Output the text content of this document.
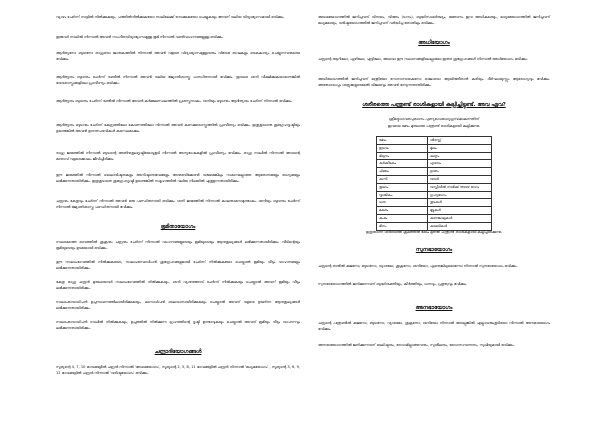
വ്യാഴം ചേർന്ന് നാളില്‍ നിൽക്കുകയും, പത്തിൽനിൽക്കുകയോ നാലിലേക്ക് നോക്കുകയോ ചെയ്യുകയും അവന് വലിയ വിദ്യാഭ്യാസമായി ഭവിക്കും.

ഇരുവർ നാലില്‍ നിന്നാല്‍ അവന്‍ സംഗീതവിദ്യാഭ്യാസമുള്ള ഭൂമി നിന്നാല്‍ വണ്ടിവാഹനങ്ങളുള്ള ഭവിക്കും.

ആദിത്യനോ ബുധനോ രാഹുവോ ജാതകത്തില്‍ നിന്നാല്‍ അവന്‍ വളരെ വിദ്യാഭ്യാസമുള്ളവനും വിദേശ ഭാഷകളും കൈകാര്യം ചെയ്യുന്നവനുമായ ഭവിക്കും.

ആദിത്യനും ബുധനും ചേർന്ന് രണ്ടില്‍ നിന്നാല്‍ അവന്‍ വലിയ ജ്യോതിശാസ്ത്ര പണ്ഡിതനായി ഭവിക്കും. ഇവരെ ശനി വീക്ഷിക്കുകയാണെങ്കില്‍ വേദശാസ്ത്രങ്ങളിലെ പ്രാവീണ്യം ഭവിക്കും.

ആദിത്യനും ബുധനും ചേർന്ന് രണ്ടില്‍ നിന്നാല്‍ അവന്‍ കർമ്മമണ്ഡലത്തില്‍ പ്രശസ്തനാകും. ശനിയും ബുധനും ആദിത്യനും ചേർന്ന് നിന്നാല്‍ ഭവിക്കും.

ആദിത്യനും ബുധനും ചേർന്ന് കേന്ദ്രത്തിലോ കോണത്തിലോ നിന്നാല്‍ അവന്‍ കണക്കുശാസ്ത്രത്തില്‍ പ്രാവീണ്യം ഭവിക്കും. ഇതുകൂടാതെ ശുഭഗ്രഹദൃഷ്ടിയും ഉണ്ടെങ്കില്‍ അവന്‍ ഉന്നതപദവികള്‍ കരസ്ഥമാക്കും.

രാഹു ജന്മത്തില്‍ നിന്നാല്‍ ബുധന്റെ അതിനുകൂലദൃഷ്ടിയോടുകൂടി നിന്നാല്‍ അന്യഭാഷകളില്‍ പ്രാവീണ്യം ഭവിക്കും. രാഹു നാലില്‍ നിന്നാല്‍ അവന്റെ മാതാവ് വളരെക്കാലം ജീവിച്ചിരിക്കും.

ഈ ജന്മത്തില്‍ നിന്നാല്‍ ബാലാരിഷ്ടതകളും അനിഷ്ടാനുഭവങ്ങളും അനുഭവിക്കേണ്ടി വരുമെങ്കിലും സമാനമല്ലാത്ത ആഭരണങ്ങളും ഭാഗ്യങ്ങളും ലഭിക്കുന്നതായിരിക്കും. ഇതുകൂടാതെ ശുഭഗ്രഹദൃഷ്ടി ഉണ്ടെങ്കില്‍ സമൂഹത്തില്‍ വലിയ നിലയില്‍ എത്തുന്നതായിരിക്കും.

ചന്ദ്രനും കേതുവും ചേർന്ന് നിന്നാല്‍ അവന്‍ ഒരു പണ്ഡിതനായി ഭവിക്കും. ശനി ജന്മത്തില്‍ നിന്നാല്‍ കാലതാമസമുണ്ടാകും. ശനിയും ബുധനും ചേർന്ന് നിന്നാല്‍ ജ്യോതിശാസ്ത്ര പണ്ഡിതനായി ഭവിക്കും.

ഭ്രമിതായോഗം

നാലാമത്തെ ഭാവത്തില്‍ ശുക്രനും ചന്ദ്രനും ചേർന്ന് നിന്നാല്‍ വാഹനങ്ങളുടെയും ഭൂമിയുടെയും ആനുകൂല്യങ്ങള്‍ ലഭിക്കുന്നതായിരിക്കും. വീടിന്റെയും ഭൂമിയുടെയും ഉടമയായി ഭവിക്കും.

ഈ നാലാംഭാവത്തില്‍ നിൽക്കുകയോ, നാലാംഭാവാധിപന്‍ ശുഭഗ്രഹങ്ങളുമായി ചേർന്ന് നിൽക്കുകയോ ചെയ്താല്‍ ഭൂമിയും വീടും വാഹനങ്ങളും ലഭിക്കുന്നതായിരിക്കും.

കേതു രാഹു ചന്ദ്രന്‍ മുതലായവര്‍ നാലാംഭാവത്തില്‍ നിൽക്കുകയും, ശനി വ്യാഴത്തോട് ചേർന്ന് നിൽക്കുകയും ചെയ്താല്‍ അവന് ഭൂമിയും വീടും ലഭിക്കുന്നതായിരിക്കും.

നാലാംഭാവാധിപന്‍ ഉച്ചസ്ഥാനത്തിലായിരിക്കുകയും, ലഗ്നാധിപന്‍ ബലവാനായിരിക്കുകയും ചെയ്താല്‍ അവന് വളരെ ഉയർന്ന ആനുകൂല്യങ്ങള്‍ ലഭിക്കുന്നതായിരിക്കും.

നാലാംഭാവാധിപന്‍ നാലില്‍ നിൽക്കുകയും, ഉച്ചത്തില്‍ നിൽക്കുന്ന ഗ്രഹത്തിന്റെ ദൃഷ്ടി ഉണ്ടാവുകയും ചെയ്താല്‍ അവന് ഭൂമിയും വീടും വാഹനവും ലഭിക്കുന്നതായിരിക്കും.

ചന്ദ്രാദിയോഗങ്ങൾ

സൂര്യന്റെ 4, 7, 10 ഭാവങ്ങളില്‍ ചന്ദ്രന്‍ നിന്നാല്‍ 'അധമയോഗം', സൂര്യന്റെ 2, 5, 8, 11 ഭാവങ്ങളില്‍ ചന്ദ്രന്‍ നിന്നാല്‍ 'മധ്യമയോഗം' , സൂര്യന്റെ 3, 6, 9, 12 ഭാവങ്ങളില്‍ ചന്ദ്രന്‍ നിന്നാല്‍ 'വരിഷ്ഠയോഗം' ഭവിക്കും.

അധമയോഗത്തില്‍ ജനിച്ചവന് വിനയം, വിത്തം (ധനം), ബുദ്ധിസാമർത്ഥ്യം, ജ്ഞാനം ഇവ അധികമായും, മധ്യമയോഗത്തില്‍ ജനിച്ചവന് മധ്യമമായും, വരിഷ്ഠയോഗത്തില്‍ ജനിച്ചവന് വർദ്ധിച്ച തോതിലും ഭവിക്കും.

അധിയോഗം

ചന്ദ്രന്റെ ആറിലോ, ഏഴിലോ, എട്ടിലോ, അഥവാ ഈ സ്ഥാനങ്ങളിലെല്ലാമോ ഇതര ശുഭഗ്രഹങ്ങള്‍ നിന്നാല്‍ അധിയോഗം ഭവിക്കും.

അധിയോഗത്തില്‍ ജനിച്ചവന് മന്ത്രിയോ സേനാനായകനോ രാജാവോ ആയിത്തീരാന്‍ കഴിയും. ദീർഘായുസ്സും ആരോഗ്യവും ഭവിക്കും. അതോടൊപ്പം ശത്രുക്കളുടെമേല്‍ വിജയവും അവന്‍ നേടുന്നതായിരിക്കും.

ശരീരത്തെ പന്ത്രണ്ട് രാശികളായി കല്പിച്ചിട്ടുണ്ട്. അവ ഏവ?
ശ്രീമദ്ഭാഗവതപുരാണം പുണ്യഗോഭാഗ്യഗ്രന്ഥമാകുന്നതിന്
ഇവയെ മേടം മുതലായ പന്ത്രണ്ട് രാശികളായി കല്പിക്കുന്നു.
മേടം	ശിരസ്സ്
ഇടവം	മുഖം
മിഥുനം	കണ്ഠം
കർക്കിടകം	ഹൃദയം
ചിങ്ങം	ഉദരം
കന്നി	വയർ
തുലാം	വസ്തിയിൽ നാഭിക്ക് താഴെ ഭാഗം
വൃശ്ചികം	ഗുഹ്യഭാഗം
ധനു	തുടകള്‍
മകരം	മുട്ടുകള്‍
കുംഭം	കണങ്കാലുകള്‍
മീനം	കാലടികള്‍

ഇതുതന്നെ ശരീരത്തെ ക്രമത്തില്‍ മേടം മുതല്‍ പന്ത്രണ്ട് രാശികളായി കല്പിച്ചിരിക്കുന്നു.

സുനഭായോഗം

ചന്ദ്രന്റെ രണ്ടില്‍ കുജനോ, ബുധനോ, വ്യാഴമോ, ശുക്രനോ, ശനിയോ, ഏതെങ്കിലുമൊന്നോ നിന്നാല്‍ സുനഭായോഗം ഭവിക്കും.

സുനഭായോഗത്തില്‍ ജനിക്കുന്നവന് ബുദ്ധിശക്തിയും, കീർത്തിയും, ധനവും, പ്രഭുത്വവും ഭവിക്കും.

അനഭായോഗം

ചന്ദ്രന്റെ പന്ത്രണ്ടില്‍ കുജനോ, ബുധനോ, വ്യാഴമോ, ശുക്രനോ, ശനിയോ നിന്നാല്‍ അല്ലെങ്കില്‍ എല്ലാവരുംകൂടിയോ നിന്നാല്‍ അനഭായോഗം ഭവിക്കും.

അനഭായോഗത്തില്‍ ജനിക്കുന്നവന് ബലിഷ്ഠനും, രോഗമില്ലാത്തവനും, സുശീലനും, ഭോഗസമ്പന്നനും, സുഖിയുമായി ഭവിക്കും.
